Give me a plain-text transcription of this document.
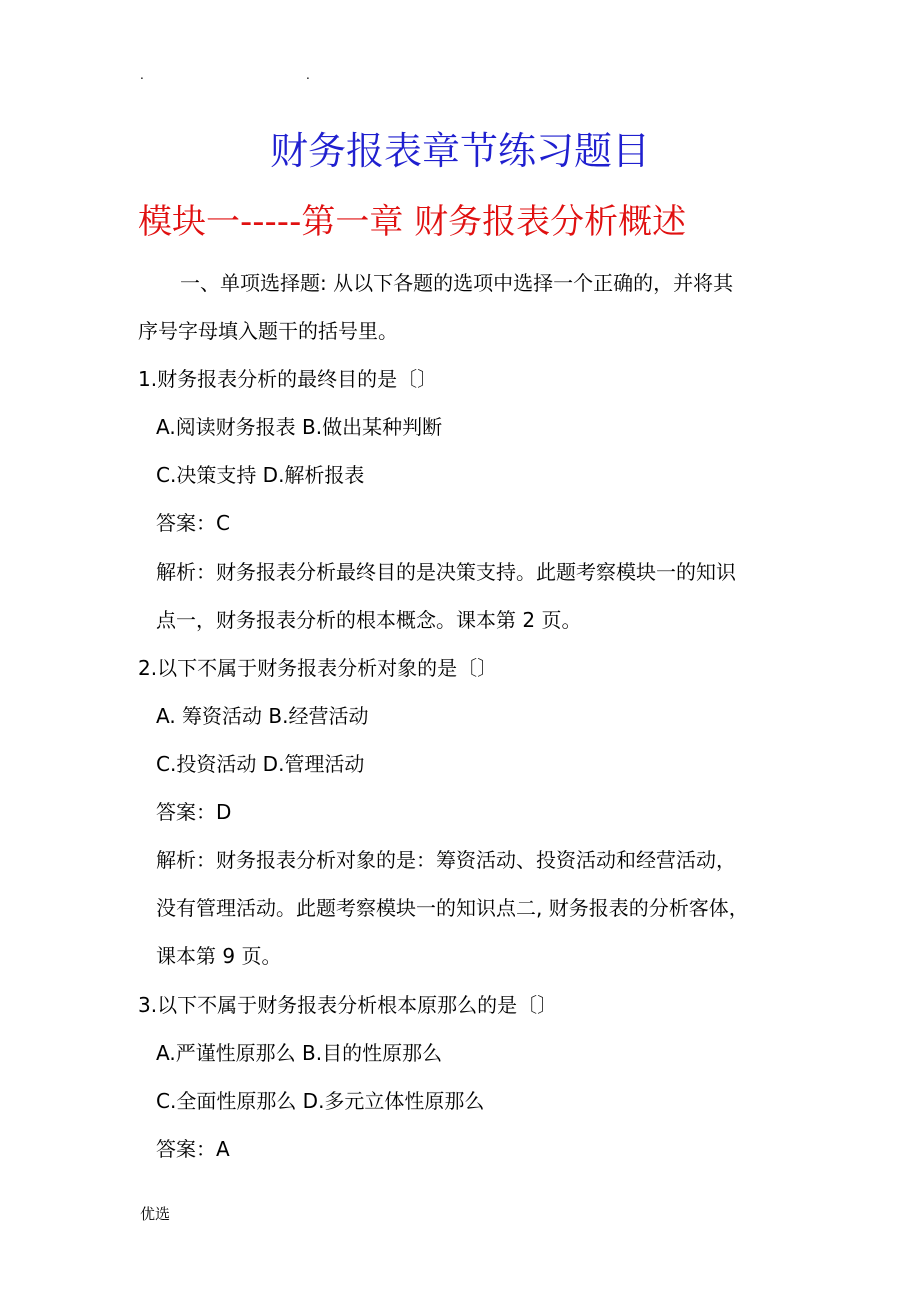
.	.
财务报表章节练习题目
模块一-----第一章 财务报表分析概述
一、单项选择题: 从以下各题的选项中选择一个正确的，并将其
序号字母填入题干的括号里。
1.财务报表分析的最终目的是〔〕
A.阅读财务报表 B.做出某种判断
C.决策支持 D.解析报表
答案：C
解析：财务报表分析最终目的是决策支持。此题考察模块一的知识
点一，财务报表分析的根本概念。课本第 2 页。
2.以下不属于财务报表分析对象的是〔〕
A. 筹资活动 B.经营活动
C.投资活动 D.管理活动
答案：D
解析：财务报表分析对象的是：筹资活动、投资活动和经营活动，
没有管理活动。此题考察模块一的知识点二, 财务报表的分析客体，
课本第 9 页。
3.以下不属于财务报表分析根本原那么的是〔〕
A.严谨性原那么 B.目的性原那么
C.全面性原那么 D.多元立体性原那么
答案：A
优选
